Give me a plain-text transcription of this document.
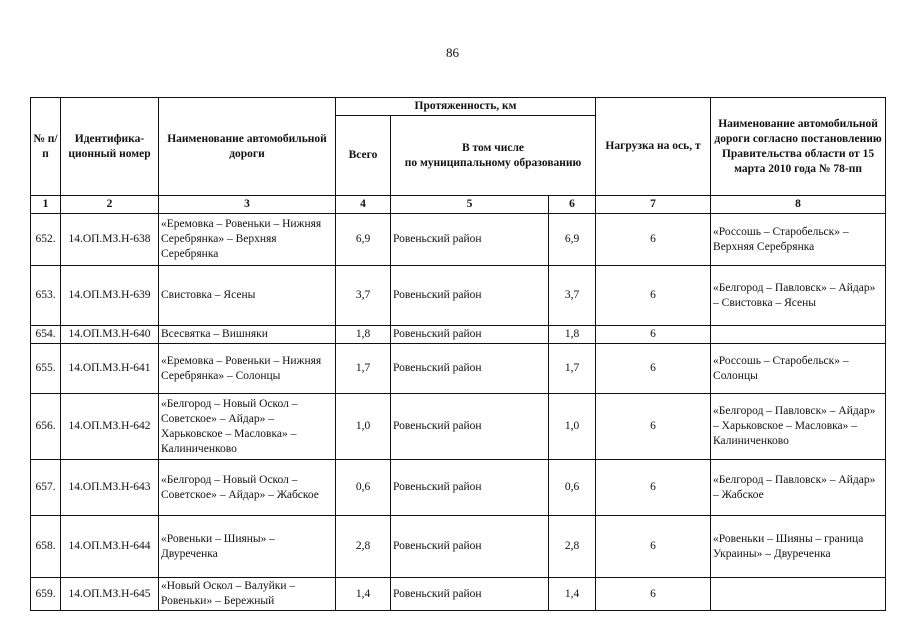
86
№ п/п	Идентифика-ционный номер	Наименование автомобильной дороги	Протяженность, км			Нагрузка на ось, т	Наименование автомобильной дороги согласно постановлению Правительства области от 15 марта 2010 года № 78-пп
			Всего	В том числе
по муниципальному образованию			
1	2	3	4	5	6	7	8
652.	14.ОП.МЗ.Н-638	«Еремовка – Ровеньки – Нижняя Серебрянка» – Верхняя Серебрянка	6,9	Ровеньский район	6,9	6	«Россошь – Старобельск» – Верхняя Серебрянка
653.	14.ОП.МЗ.Н-639	Свистовка – Ясены	3,7	Ровеньский район	3,7	6	«Белгород – Павловск» – Айдар» – Свистовка – Ясены
654.	14.ОП.МЗ.Н-640	Всесвятка – Вишняки	1,8	Ровеньский район	1,8	6	
655.	14.ОП.МЗ.Н-641	«Еремовка – Ровеньки – Нижняя Серебрянка» – Солонцы	1,7	Ровеньский район	1,7	6	«Россошь – Старобельск» – Солонцы
656.	14.ОП.МЗ.Н-642	«Белгород – Новый Оскол – Советское» – Айдар» – Харьковское – Масловка» – Калиниченково	1,0	Ровеньский район	1,0	6	«Белгород – Павловск» – Айдар» – Харьковское – Масловка» – Калиниченково
657.	14.ОП.МЗ.Н-643	«Белгород – Новый Оскол – Советское» – Айдар» – Жабское	0,6	Ровеньский район	0,6	6	«Белгород – Павловск» – Айдар» – Жабское
658.	14.ОП.МЗ.Н-644	«Ровеньки – Шияны» – Двуреченка	2,8	Ровеньский район	2,8	6	«Ровеньки – Шияны – граница Украины» – Двуреченка
659.	14.ОП.МЗ.Н-645	«Новый Оскол – Валуйки – Ровеньки» – Бережный	1,4	Ровеньский район	1,4	6	
